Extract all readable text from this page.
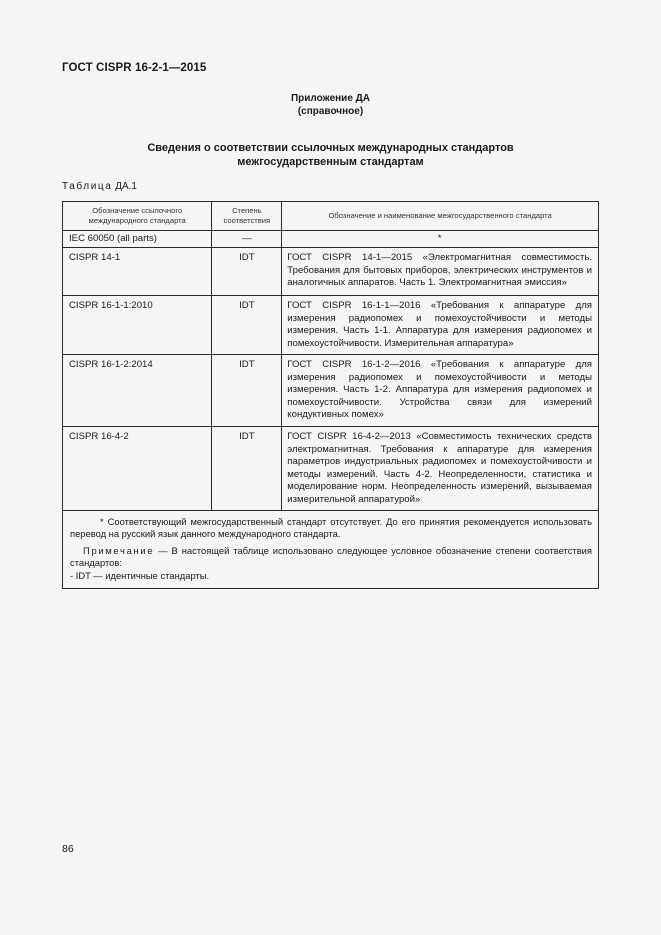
ГОСТ CISPR 16-2-1—2015
Приложение ДА
(справочное)
Сведения о соответствии ссылочных международных стандартов
межгосударственным стандартам
Таблица ДА.1
Обозначение ссылочного международного стандарта	Степень соответствия	Обозначение и наименование межгосударственного стандарта
IEC 60050 (all parts)	—	*
CISPR 14-1	IDT	ГОСТ CISPR 14-1—2015 «Электромагнитная совместимость. Требования для бытовых приборов, электрических инструментов и аналогичных аппаратов. Часть 1. Электромагнитная эмиссия»
CISPR 16-1-1:2010	IDT	ГОСТ CISPR 16-1-1—2016 «Требования к аппаратуре для измерения радиопомех и помехоустойчивости и методы измерения. Часть 1-1. Аппаратура для измерения радиопомех и помехоустойчивости. Измерительная аппаратура»
CISPR 16-1-2:2014	IDT	ГОСТ CISPR 16-1-2—2016 «Требования к аппаратуре для измерения радиопомех и помехоустойчивости и методы измерения. Часть 1-2. Аппаратура для измерения радиопомех и помехоустойчивости. Устройства связи для измерений кондуктивных помех»
CISPR 16-4-2	IDT	ГОСТ CISPR 16-4-2—2013 «Совместимость технических средств электромагнитная. Требования к аппаратуре для измерения параметров индустриальных радиопомех и помехоустойчивости и методы измерений. Часть 4-2. Неопределенности, статистика и моделирование норм. Неопределенность измерений, вызываемая измерительной аппаратурой»

* Соответствующий межгосударственный стандарт отсутствует. До его принятия рекомендуется использовать перевод на русский язык данного международного стандарта.
Примечание — В настоящей таблице использовано следующее условное обозначение степени соответствия стандартов:
- IDT — идентичные стандарты.		
86
